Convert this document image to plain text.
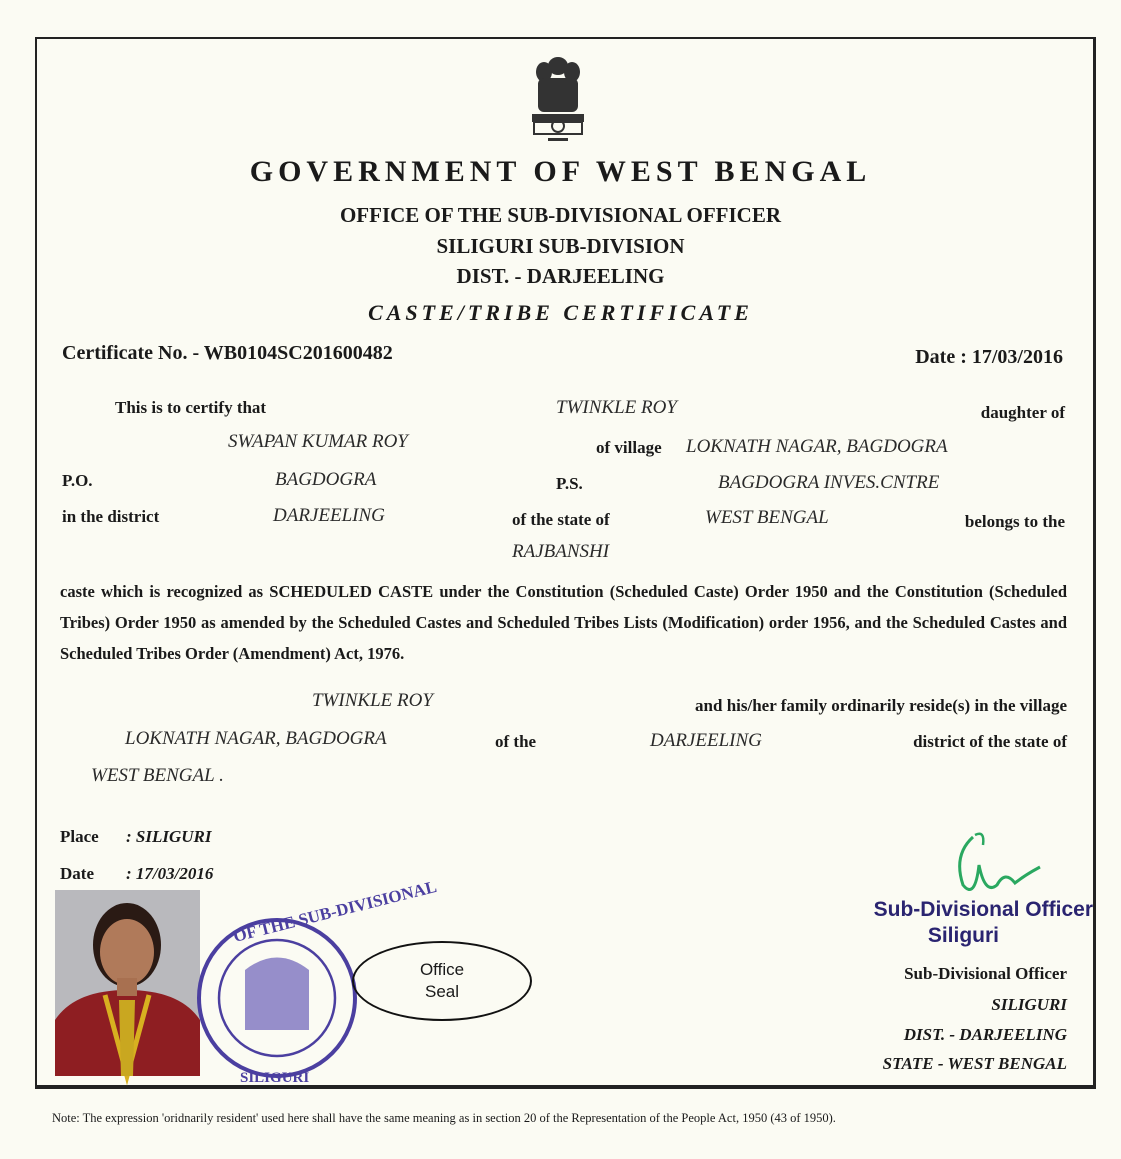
GOVERNMENT OF WEST BENGAL
OFFICE OF THE SUB-DIVISIONAL OFFICER
SILIGURI SUB-DIVISION
DIST. - DARJEELING
CASTE/TRIBE CERTIFICATE
Certificate No. - WB0104SC201600482	Date : 17/03/2016
This is to certify that	TWINKLE ROY	daughter of
SWAPAN KUMAR ROY	of village LOKNATH NAGAR, BAGDOGRA
P.O.	BAGDOGRA	P.S.	BAGDOGRA INVES.CNTRE
in the district	DARJEELING	of the state of	WEST BENGAL	belongs to the
RAJBANSHI
caste which is recognized as SCHEDULED CASTE under the Constitution (Scheduled Caste) Order 1950 and the Constitution (Scheduled Tribes) Order 1950 as amended by the Scheduled Castes and Scheduled Tribes Lists (Modification) order 1956, and the Scheduled Castes and Scheduled Tribes Order (Amendment) Act, 1976.
TWINKLE ROY	and his/her family ordinarily reside(s) in the village
LOKNATH NAGAR, BAGDOGRA	of the	DARJEELING	district of the state of
WEST BENGAL .
Place : SILIGURI
Date : 17/03/2016
OF THE SUB-DIVISIONAL
SILIGURI
Office
Seal
Sub-Divisional Officer
Siliguri
Sub-Divisional Officer
SILIGURI
DIST. - DARJEELING
STATE - WEST BENGAL
Note: The expression 'oridnarily resident' used here shall have the same meaning as in section 20 of the Representation of the People Act, 1950 (43 of 1950).
